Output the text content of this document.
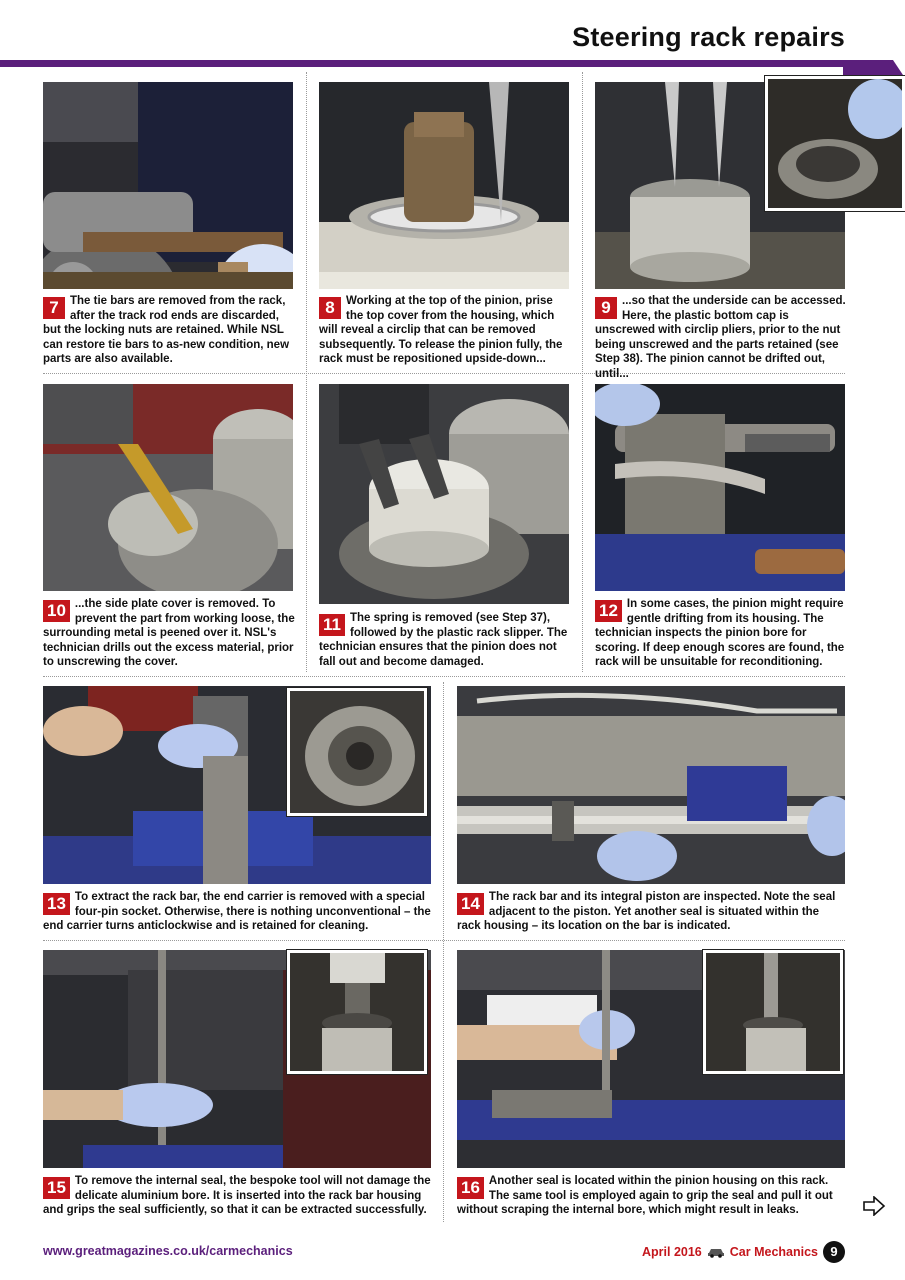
Steering rack repairs
7 The tie bars are removed from the rack, after the track rod ends are discarded, but the locking nuts are retained. While NSL can restore tie bars to as-new condition, new parts are also available.
8 Working at the top of the pinion, prise the top cover from the housing, which will reveal a circlip that can be removed subsequently. To release the pinion fully, the rack must be repositioned upside-down...
9 ...so that the underside can be accessed. Here, the plastic bottom cap is unscrewed with circlip pliers, prior to the nut being unscrewed and the parts retained (see Step 38). The pinion cannot be drifted out, until...
10 ...the side plate cover is removed. To prevent the part from working loose, the surrounding metal is peened over it. NSL's technician drills out the excess material, prior to unscrewing the cover.
11 The spring is removed (see Step 37), followed by the plastic rack slipper. The technician ensures that the pinion does not fall out and become damaged.
12 In some cases, the pinion might require gentle drifting from its housing. The technician inspects the pinion bore for scoring. If deep enough scores are found, the rack will be unsuitable for reconditioning.
13 To extract the rack bar, the end carrier is removed with a special four-pin socket. Otherwise, there is nothing unconventional – the end carrier turns anticlockwise and is retained for cleaning.
14 The rack bar and its integral piston are inspected. Note the seal adjacent to the piston. Yet another seal is situated within the rack housing – its location on the bar is indicated.
15 To remove the internal seal, the bespoke tool will not damage the delicate aluminium bore. It is inserted into the rack bar housing and grips the seal sufficiently, so that it can be extracted successfully.
16 Another seal is located within the pinion housing on this rack. The same tool is employed again to grip the seal and pull it out without scraping the internal bore, which might result in leaks.
www.greatmagazines.co.uk/carmechanics	April 2016 Car Mechanics 9
